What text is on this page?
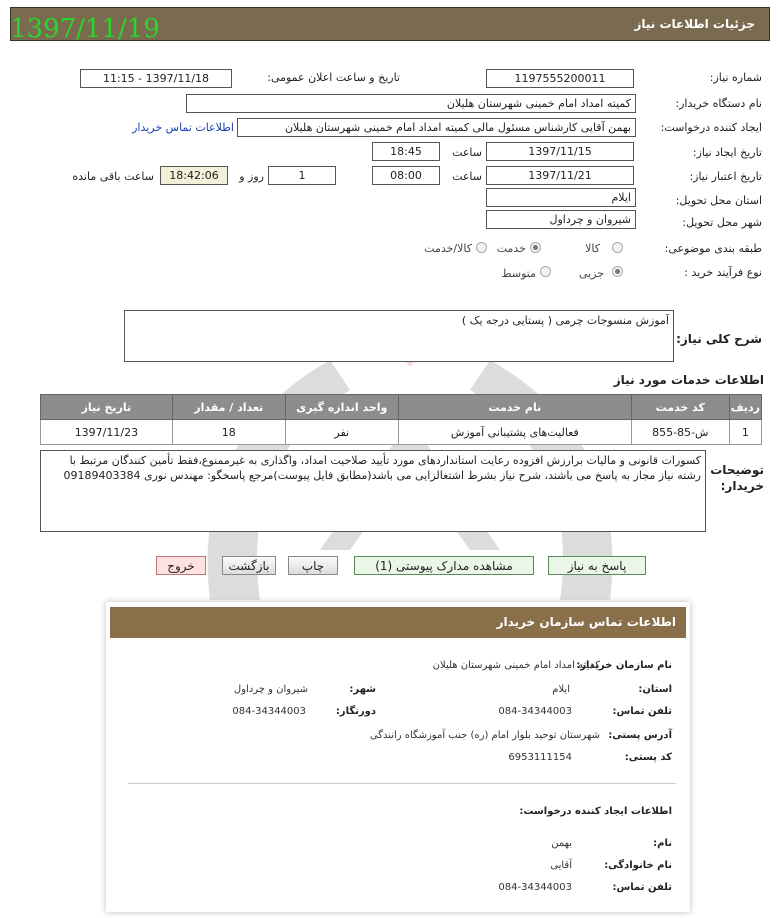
جزئیات اطلاعات نیاز
1397/11/19
شماره نیاز:
1197555200011
تاریخ و ساعت اعلان عمومی:
1397/11/18 - 11:15
نام دستگاه خریدار:
کمیته امداد امام خمینی شهرستان هلیلان
ایجاد کننده درخواست:
بهمن آقایی کارشناس مسئول مالی کمیته امداد امام خمینی شهرستان هلیلان
اطلاعات تماس خریدار
تاریخ ایجاد نیاز:
1397/11/15
ساعت
18:45
تاریخ اعتبار نیاز:
1397/11/21
ساعت
08:00
1
روز و
18:42:06
ساعت باقی مانده
استان محل تحویل:
ایلام
شهر محل تحویل:
شیروان و چرداول
طبقه بندی موضوعی:
کالا
خدمت
کالا/خدمت
نوع فرآیند خرید :
جزیی
متوسط
شرح کلی نیاز:
آموزش منسوجات چرمی ( پستایی درجه یک )
اطلاعات خدمات مورد نیاز
ردیف	کد خدمت	نام خدمت	واحد اندازه گیری	تعداد / مقدار	تاریخ نیاز
1	ش-85-855	فعالیت‌های پشتیبانی آموزش	نفر	18	1397/11/23
توضیحات خریدار:
کسورات قانونی و مالیات برارزش افزوده رعایت استانداردهای مورد تأیید صلاحیت امداد، واگذاری به غیرممنوع،فقط تأمین کنندگان مرتبط با رشته نیاز مجاز به پاسخ می باشند، شرح نیاز بشرط اشتغالزایی می باشد(مطابق فایل پیوست)مرجع پاسخگو: مهندس نوری 09189403384
پاسخ به نیاز
مشاهده مدارک پیوستی (1)
چاپ
بازگشت
خروج
اطلاعات تماس سازمان خریدار
نام سازمان خریدار:
کمیته امداد امام خمینی شهرستان هلیلان
استان:
ایلام
شهر:
شیروان و چرداول
تلفن تماس:
084-34344003
دورنگار:
084-34344003
آدرس پستی:
شهرستان توحید بلوار امام (ره) جنب آموزشگاه رانندگی
کد پستی:
6953111154
اطلاعات ایجاد کننده درخواست:
نام:
بهمن
نام خانوادگی:
آقایی
تلفن تماس:
084-34344003
